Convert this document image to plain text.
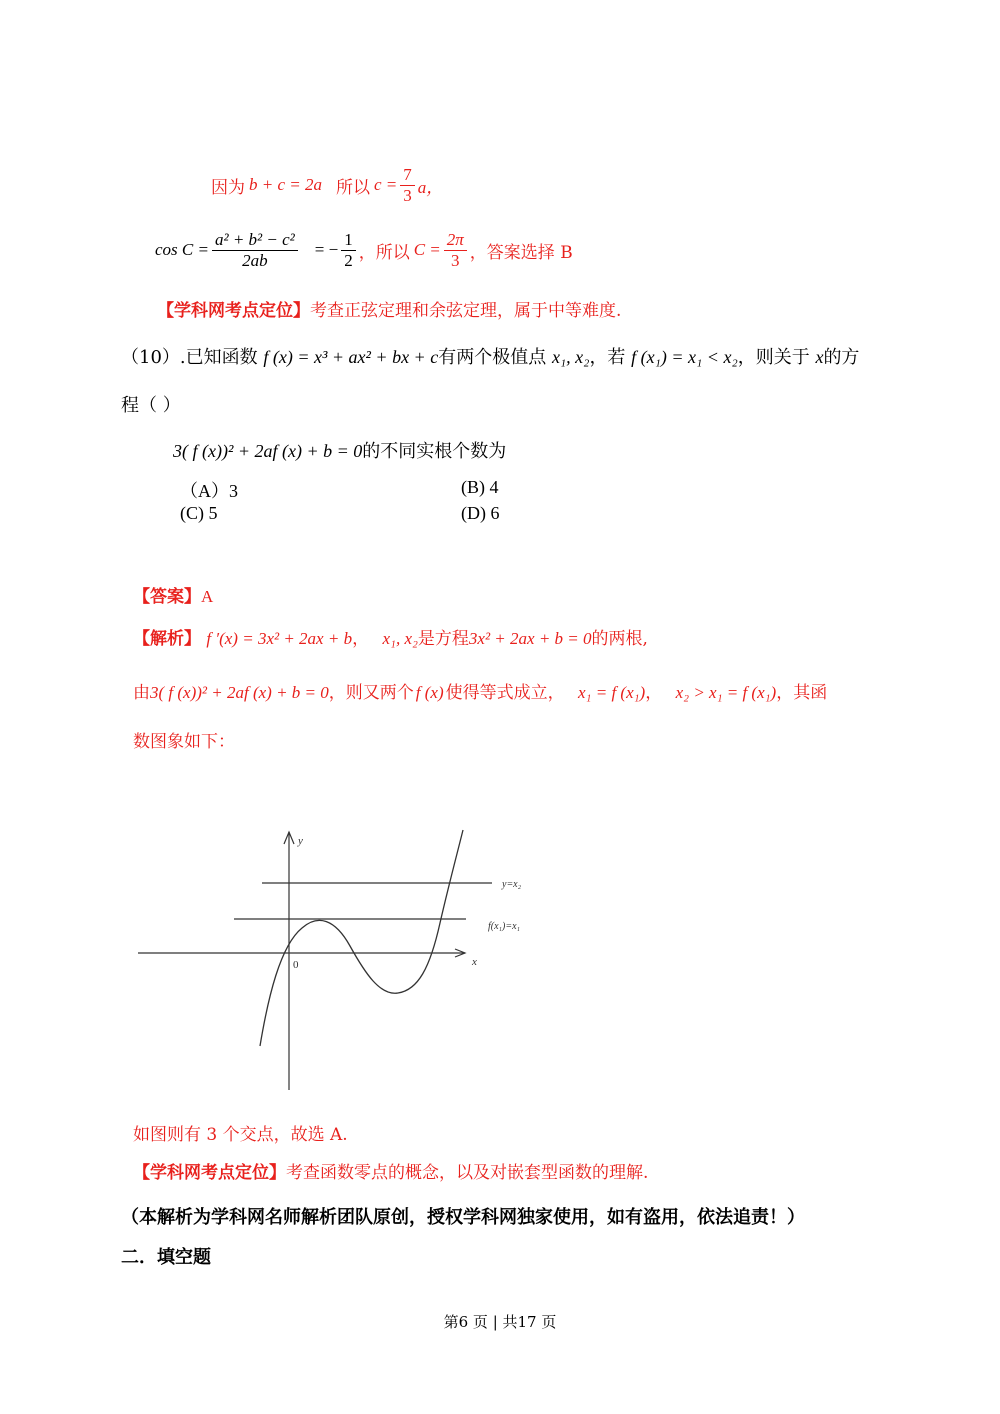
因为 b + c = 2a 所以 $c = \frac{7}{3}$ a，
$\cos C = \frac{\text{a² + b² − c²}}{2ab}$ = − $\frac{1}{2}$ ，所以 $C = \frac{2\pi}{3}$ ，答案选择 B
【学科网考点定位】考查正弦定理和余弦定理，属于中等难度.
（10）.已知函数 f (x) = x³ + ax² + bx + c有两个极值点 x₁, x₂，若 f (x₁) = x₁ < x₂，则关于 x的方
程（ ）
3( f (x))² + 2af (x) + b = 0的不同实根个数为
（A）3	(B) 4
(C) 5	(D) 6
【答案】A
【解析】 f ′(x) = 3x² + 2ax + b， x₁, x₂是方程3x² + 2ax + b = 0的两根,
由3( f (x))² + 2af (x) + b = 0，则又两个 f (x) 使得等式成立， x₁ = f (x₁)， x₂ > x₁ = f (x₁)，其函
数图象如下：
y
x
0
y=x₂
f(x₁)=x₁
如图则有 3 个交点，故选 A.
【学科网考点定位】考查函数零点的概念，以及对嵌套型函数的理解.
（本解析为学科网名师解析团队原创，授权学科网独家使用，如有盗用，依法追责！）
二．填空题
第6 页 | 共17 页
